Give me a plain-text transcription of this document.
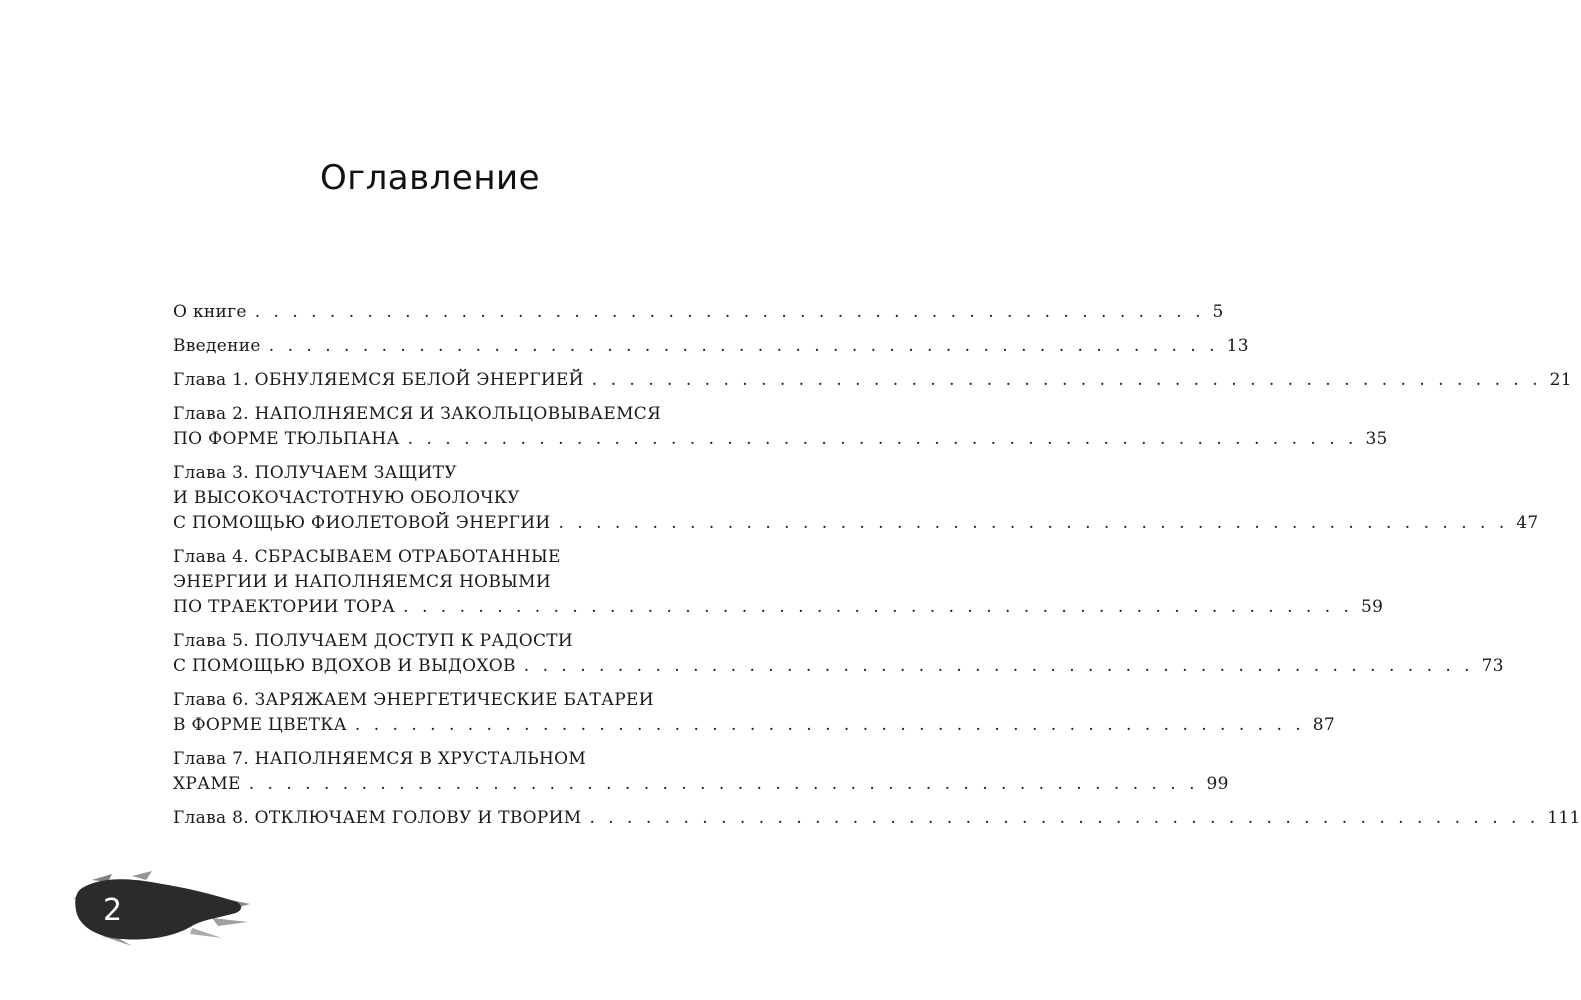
Оглавление
О книге . . . . . . . . . . . . . . . . . . . . . . . . . . . . . . . . . . . . . . . . . . . . . . . . . . . 5
Введение . . . . . . . . . . . . . . . . . . . . . . . . . . . . . . . . . . . . . . . . . . . . . . . . . . . 13
Глава 1. ОБНУЛЯЕМСЯ БЕЛОЙ ЭНЕРГИЕЙ . . . . . . . . . . . . . . . . . . . . . . . . . . . . . . . . . . . . . . . . . . . . . . . . . . . 21
Глава 2. НАПОЛНЯЕМСЯ И ЗАКОЛЬЦОВЫВАЕМСЯ
ПО ФОРМЕ ТЮЛЬПАНА . . . . . . . . . . . . . . . . . . . . . . . . . . . . . . . . . . . . . . . . . . . . . . . . . . . 35
Глава 3. ПОЛУЧАЕМ ЗАЩИТУ
И ВЫСОКОЧАСТОТНУЮ ОБОЛОЧКУ
С ПОМОЩЬЮ ФИОЛЕТОВОЙ ЭНЕРГИИ . . . . . . . . . . . . . . . . . . . . . . . . . . . . . . . . . . . . . . . . . . . . . . . . . . . 47
Глава 4. СБРАСЫВАЕМ ОТРАБОТАННЫЕ
ЭНЕРГИИ И НАПОЛНЯЕМСЯ НОВЫМИ
ПО ТРАЕКТОРИИ ТОРА . . . . . . . . . . . . . . . . . . . . . . . . . . . . . . . . . . . . . . . . . . . . . . . . . . . 59
Глава 5. ПОЛУЧАЕМ ДОСТУП К РАДОСТИ
С ПОМОЩЬЮ ВДОХОВ И ВЫДОХОВ . . . . . . . . . . . . . . . . . . . . . . . . . . . . . . . . . . . . . . . . . . . . . . . . . . . 73
Глава 6. ЗАРЯЖАЕМ ЭНЕРГЕТИЧЕСКИЕ БАТАРЕИ
В ФОРМЕ ЦВЕТКА . . . . . . . . . . . . . . . . . . . . . . . . . . . . . . . . . . . . . . . . . . . . . . . . . . . 87
Глава 7. НАПОЛНЯЕМСЯ В ХРУСТАЛЬНОМ
ХРАМЕ . . . . . . . . . . . . . . . . . . . . . . . . . . . . . . . . . . . . . . . . . . . . . . . . . . . 99
Глава 8. ОТКЛЮЧАЕМ ГОЛОВУ И ТВОРИМ . . . . . . . . . . . . . . . . . . . . . . . . . . . . . . . . . . . . . . . . . . . . . . . . . . . 111
2
